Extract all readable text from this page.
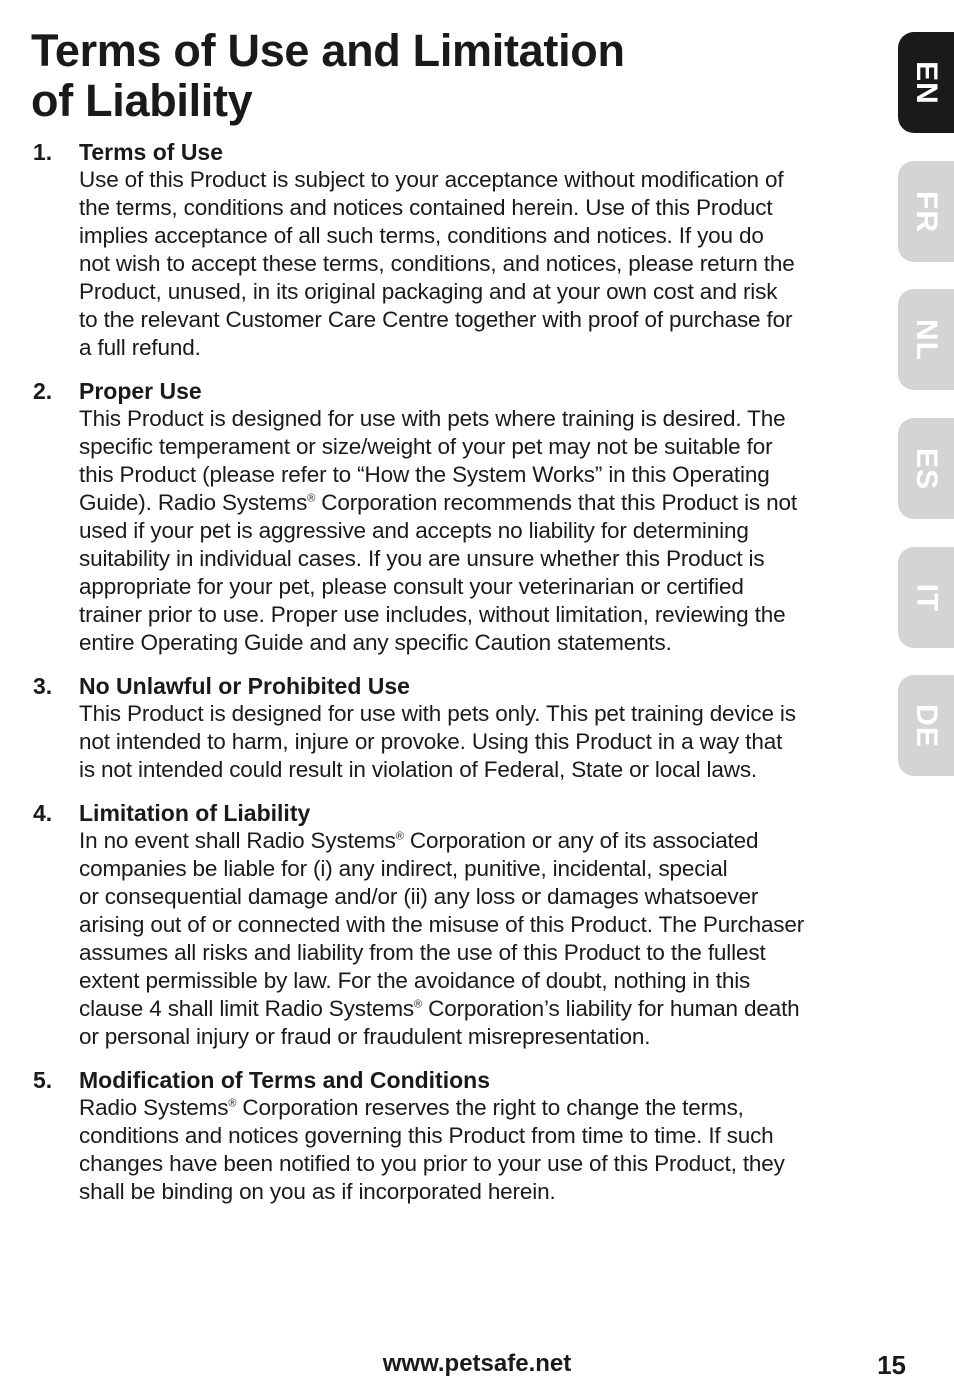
Terms of Use and Limitation
of Liability
1. Terms of Use
Use of this Product is subject to your acceptance without modification of
the terms, conditions and notices contained herein. Use of this Product
implies acceptance of all such terms, conditions and notices. If you do
not wish to accept these terms, conditions, and notices, please return the
Product, unused, in its original packaging and at your own cost and risk
to the relevant Customer Care Centre together with proof of purchase for
a full refund.
2. Proper Use
This Product is designed for use with pets where training is desired. The
specific temperament or size/weight of your pet may not be suitable for
this Product (please refer to “How the System Works” in this Operating
Guide). Radio Systems® Corporation recommends that this Product is not
used if your pet is aggressive and accepts no liability for determining
suitability in individual cases. If you are unsure whether this Product is
appropriate for your pet, please consult your veterinarian or certified
trainer prior to use. Proper use includes, without limitation, reviewing the
entire Operating Guide and any specific Caution statements.
3. No Unlawful or Prohibited Use
This Product is designed for use with pets only. This pet training device is
not intended to harm, injure or provoke. Using this Product in a way that
is not intended could result in violation of Federal, State or local laws.
4. Limitation of Liability
In no event shall Radio Systems® Corporation or any of its associated
companies be liable for (i) any indirect, punitive, incidental, special
or consequential damage and/or (ii) any loss or damages whatsoever
arising out of or connected with the misuse of this Product. The Purchaser
assumes all risks and liability from the use of this Product to the fullest
extent permissible by law. For the avoidance of doubt, nothing in this
clause 4 shall limit Radio Systems® Corporation’s liability for human death
or personal injury or fraud or fraudulent misrepresentation.
5. Modification of Terms and Conditions
Radio Systems® Corporation reserves the right to change the terms,
conditions and notices governing this Product from time to time. If such
changes have been notified to you prior to your use of this Product, they
shall be binding on you as if incorporated herein.
EN
FR
NL
ES
IT
DE
www.petsafe.net	15
